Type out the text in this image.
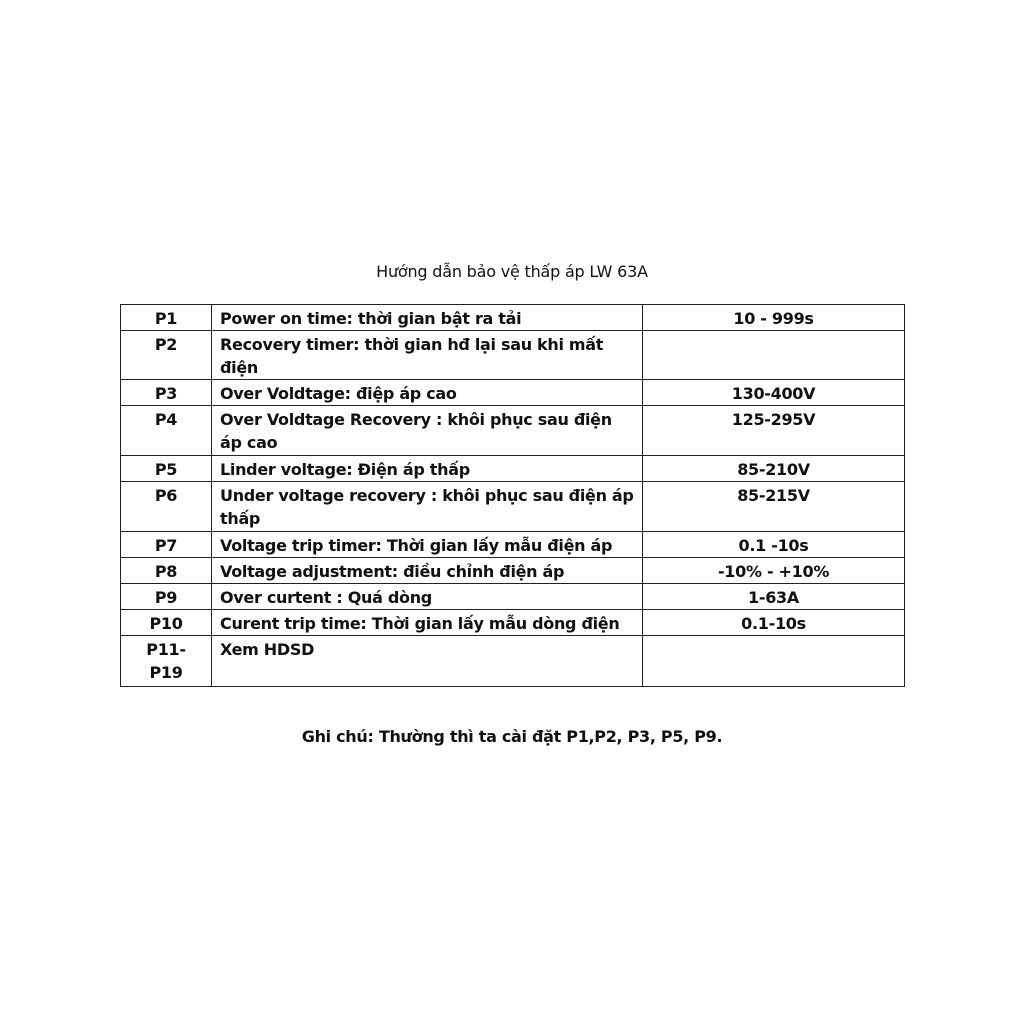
Hướng dẫn bảo vệ thấp áp LW 63A
P1	Power on time: thời gian bật ra tải	10 - 999s
P2	Recovery timer: thời gian hđ lại sau khi mất điện	
P3	Over Voldtage: điệp áp cao	130-400V
P4	Over Voldtage Recovery : khôi phục sau điện áp cao	125-295V
P5	Linder voltage: Điện áp thấp	85-210V
P6	Under voltage recovery : khôi phục sau điện áp thấp	85-215V
P7	Voltage trip timer: Thời gian lấy mẫu điện áp	0.1 -10s
P8	Voltage adjustment: điều chỉnh điện áp	-10% - +10%
P9	Over curtent : Quá dòng	1-63A
P10	Curent trip time: Thời gian lấy mẫu dòng điện	0.1-10s
P11-P19	Xem HDSD	
Ghi chú: Thường thì ta cài đặt P1,P2, P3, P5, P9.
